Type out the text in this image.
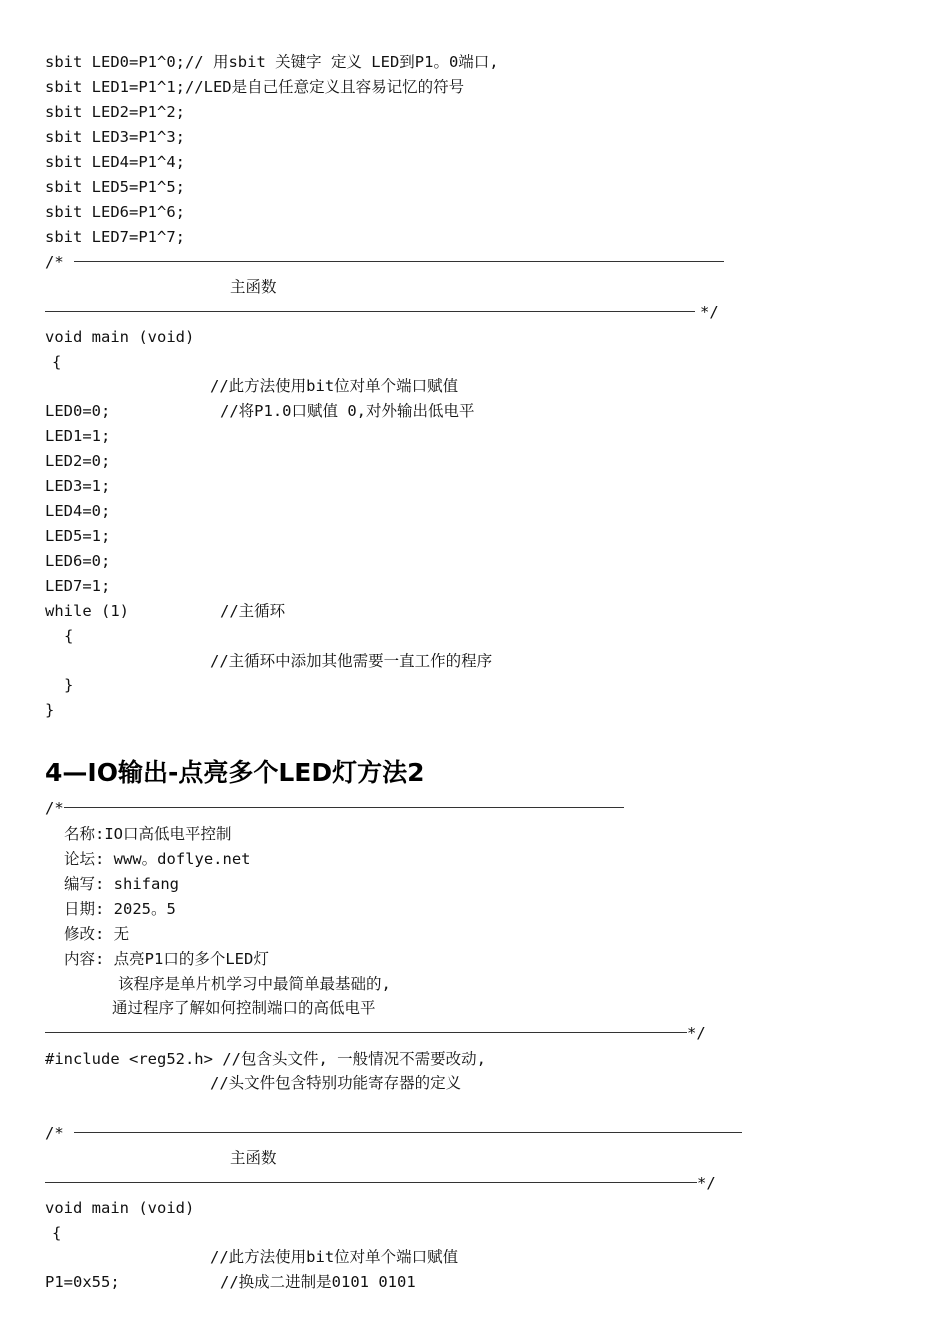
sbit LED0=P1^0;// 用sbit 关键字 定义 LED到P1。0端口,
sbit LED1=P1^1;//LED是自己任意定义且容易记忆的符号
sbit LED2=P1^2;
sbit LED3=P1^3;
sbit LED4=P1^4;
sbit LED5=P1^5;
sbit LED6=P1^6;
sbit LED7=P1^7;
/*
主函数
*/
void main (void)
{
//此方法使用bit位对单个端口赋值
LED0=0;	//将P1.0口赋值 0,对外输出低电平
LED1=1;
LED2=0;
LED3=1;
LED4=0;
LED5=1;
LED6=0;
LED7=1;
while (1)	//主循环
{
//主循环中添加其他需要一直工作的程序
}
}
4—IO输出-点亮多个LED灯方法2
/*
名称:IO口高低电平控制
论坛: www。doflye.net
编写: shifang
日期: 2025。5
修改: 无
内容: 点亮P1口的多个LED灯
该程序是单片机学习中最简单最基础的,
通过程序了解如何控制端口的高低电平
*/
#include <reg52.h> //包含头文件, 一般情况不需要改动,
//头文件包含特别功能寄存器的定义
/*
主函数
*/
void main (void)
{
//此方法使用bit位对单个端口赋值
P1=0x55;	//换成二进制是0101 0101
